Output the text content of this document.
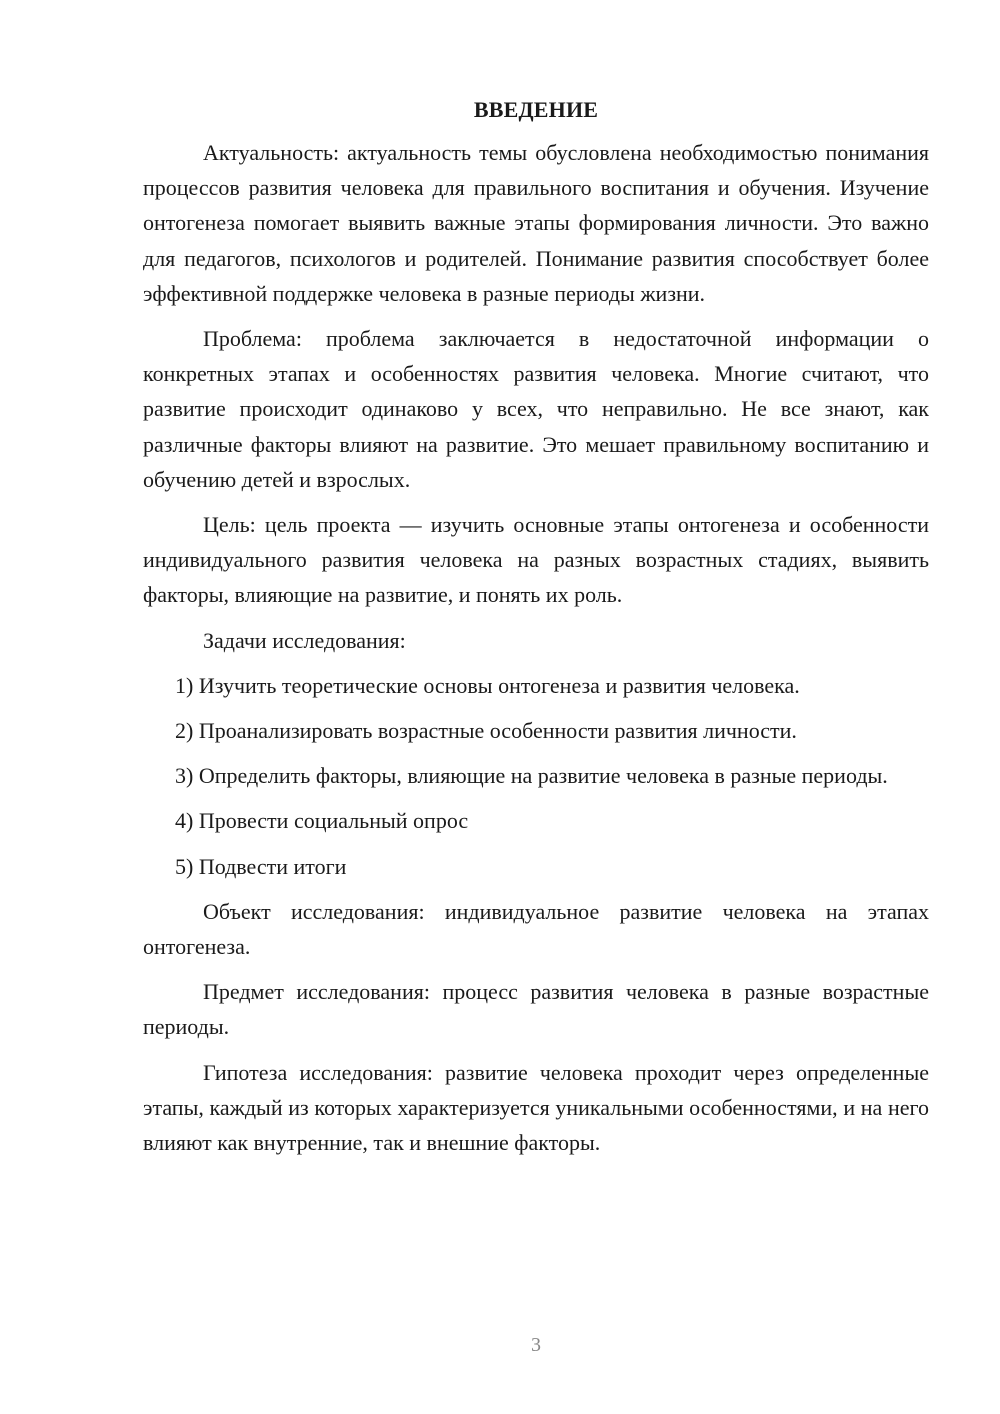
ВВЕДЕНИЕ

Актуальность: актуальность темы обусловлена необходимостью понимания процессов развития человека для правильного воспитания и обучения. Изучение онтогенеза помогает выявить важные этапы формирования личности. Это важно для педагогов, психологов и родителей. Понимание развития способствует более эффективной поддержке человека в разные периоды жизни.

Проблема: проблема заключается в недостаточной информации о конкретных этапах и особенностях развития человека. Многие считают, что развитие происходит одинаково у всех, что неправильно. Не все знают, как различные факторы влияют на развитие. Это мешает правильному воспитанию и обучению детей и взрослых.

Цель: цель проекта — изучить основные этапы онтогенеза и особенности индивидуального развития человека на разных возрастных стадиях, выявить факторы, влияющие на развитие, и понять их роль.

Задачи исследования:

1) Изучить теоретические основы онтогенеза и развития человека.

2) Проанализировать возрастные особенности развития личности.

3) Определить факторы, влияющие на развитие человека в разные периоды.

4) Провести социальный опрос

5) Подвести итоги

Объект исследования: индивидуальное развитие человека на этапах онтогенеза.

Предмет исследования: процесс развития человека в разные возрастные периоды.

Гипотеза исследования: развитие человека проходит через определенные этапы, каждый из которых характеризуется уникальными особенностями, и на него влияют как внутренние, так и внешние факторы.

3
